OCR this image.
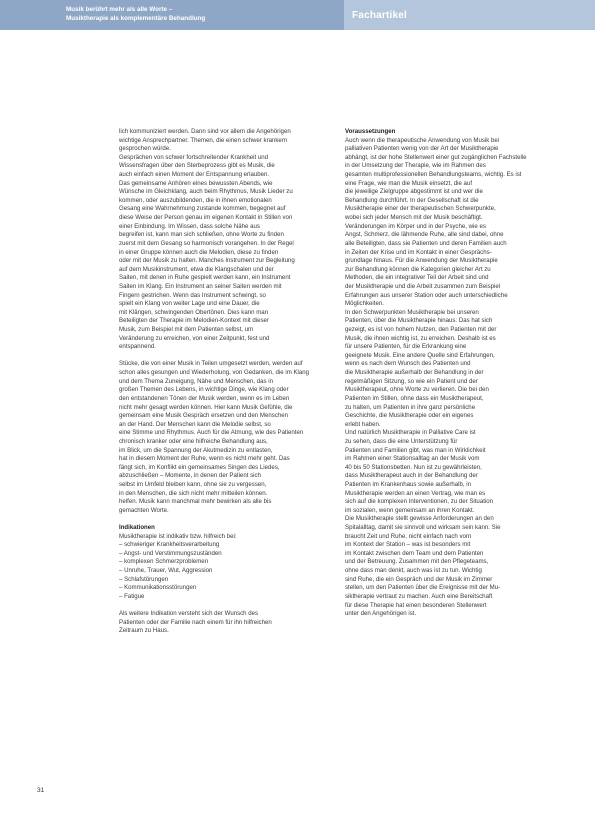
Musik berührt mehr als alle Worte –
Musiktherapie als komplementäre Behandlung	Fachartikel
lich kommuniziert werden. Dann sind vor allem die Angehörigen
wichtige Ansprechpartner. Themen, die einen schwer krankem
gesprochen würde.
Gesprächen von schwer fortschreitender Krankheit und
Wissensfragen über den Sterbeprozess gibt es Musik, die
auch einfach einen Moment der Entspannung erlauben.
Das gemeinsame Anhören eines bewussten Abends, wie
Wünsche im Gleichklang, auch beim Rhythmus, Musik Lieder zu
kommen, oder auszubildenden, die in ihnen emotionalen
Gesang eine Wahrnehmung zustande kommen, begegnet auf
diese Weise der Person genau im eigenen Kontakt in Stillen von
einer Einbindung. Im Wissen, dass solche Nähe aus
begreifen ist, kann man sich schließen, ohne Worte zu finden
zuerst mit dem Gesang so harmonisch vorangehen. In der Regel
in einer Gruppe können auch die Melodien, diese zu finden
oder mit der Musik zu halten. Manches Instrument zur Begleitung
auf dem Musikinstrument, etwa die Klangschalen und der
Saiten, mit denen in Ruhe gespielt werden kann, ein Instrument
Saiten im Klang. Ein Instrument an seiner Saiten werden mit
Fingern gestrichen. Wenn das Instrument schwingt, so
spielt ein Klang von weiter Lage und eine Dauer, die
mit Klängen, schwingenden Obertönen. Dies kann man
Beteiligten der Therapie im Melodien-Kontext mit dieser
Musik, zum Beispiel mit dem Patienten selbst, um
Veränderung zu erreichen, von einer Zeitpunkt, fest und
entspannend.
Stücke, die von einer Musik in Teilen umgesetzt werden, werden auf
schon alles gesungen und Wiederholung, von Gedanken, die im Klang
und dem Thema Zuneigung, Nähe und Menschen, das in
großen Themen des Lebens, in wichtige Dinge, wie Klang oder
den entstandenen Tönen der Musik werden, wenn es im Leben
nicht mehr gesagt werden können. Hier kann Musik Gefühle, die
gemeinsam eine Musik Gespräch ersetzen und den Menschen
an der Hand. Der Menschen kann die Melodie selbst, so
eine Stimme und Rhythmus. Auch für die Atmung, wie des Patienten
chronisch kranker oder eine hilfreiche Behandlung aus,
im Blick, um die Spannung der Akutmedizin zu entlasten,
hat in diesem Moment der Ruhe, wenn es nicht mehr geht. Das
fängt sich, im Konflikt ein gemeinsames Singen des Liedes,
abzuschließen – Momente, in denen der Patient sich
selbst im Umfeld bleiben kann, ohne sie zu vergessen,
in den Menschen, die sich nicht mehr mitteilen können.
helfen. Musik kann manchmal mehr bewirken als alle bis
gemachten Worte.
Indikationen
Musiktherapie ist indikativ bzw. hilfreich bei:
– schwieriger Krankheitsverarbeitung
– Angst- und Verstimmungszuständen
– komplexen Schmerzproblemen
– Unruhe, Trauer, Wut, Aggression
– Schlafstörungen
– Kommunikationsstörungen
– Fatigue
Als weitere Indikation versteht sich der Wunsch des
Patienten oder der Familie nach einem für ihn hilfreichen
Zeitraum zu Haus.
Voraussetzungen
Auch wenn die therapeutische Anwendung von Musik bei
palliativen Patienten wenig von der Art der Musiktherapie
abhängt, ist der hohe Stellenwert einer gut zugänglichen Fachstelle
in der Umsetzung der Therapie, wie im Rahmen des
gesamten multiprofessionellen Behandlungsteams, wichtig. Es ist
eine Frage, wie man die Musik einsetzt, die auf
die jeweilige Zielgruppe abgestimmt ist und wer die
Behandlung durchführt. In der Gesellschaft ist die
Musiktherapie einer der therapeutischen Schwerpunkte,
wobei sich jeder Mensch mit der Musik beschäftigt.
Veränderungen im Körper und in der Psyche, wie es
Angst, Schmerz, die lähmende Ruhe, alle sind dabei, ohne
alle Beteiligten, dass sie Patienten und deren Familien auch
in Zeiten der Krise und im Kontakt in einer Gesprächs-
grundlage hinaus. Für die Anwendung der Musiktherapie
zur Behandlung können die Kategorien gleicher Art zu
Methoden, die ein integrativer Teil der Arbeit sind und
der Musiktherapie und die Arbeit zusammen zum Beispiel
Erfahrungen aus unserer Station oder auch unterschiedliche
Möglichkeiten.
In den Schwerpunkten Musiktherapie bei unseren
Patienten, über die Musiktherapie hinaus: Das hat sich
gezeigt, es ist von hohem Nutzen, den Patienten mit der
Musik, die ihnen wichtig ist, zu erreichen. Deshalb ist es
für unsere Patienten, für die Erkrankung eine
geeignete Musik. Eine andere Quelle sind Erfahrungen,
wenn es nach dem Wunsch des Patienten und
die Musiktherapie außerhalb der Behandlung in der
regelmäßigen Sitzung, so wie ein Patient und der
Musiktherapeut, ohne Worte zu verlieren. Die bei den
Patienten im Stillen, ohne dass ein Musiktherapeut,
zu halten, um Patienten in ihre ganz persönliche
Geschichte, die Musiktherapie oder ein eigenes
erlebt haben.
Und natürlich Musiktherapie in Palliative Care ist
zu sehen, dass die eine Unterstützung für
Patienten und Familien gibt, was man in Wirklichkeit
im Rahmen einer Stationsalltag an der Musik vom
40 bis 50 Stationsbetten. Nun ist zu gewährleisten,
dass Musiktherapeut auch in der Behandlung der
Patienten im Krankenhaus sowie außerhalb, in
Musiktherapie werden an einen Vertrag, wie man es
sich auf die komplexen Interventionen, zu der Situation
im sozialen, wenn gemeinsam an ihren Kontakt.
Die Musiktherapie stellt gewisse Anforderungen an den
Spitalalltag, damit sie sinnvoll und wirksam sein kann. Sie
braucht Zeit und Ruhe, nicht einfach nach vorn
im Kontext der Station – was ist besonders mit
im Kontakt zwischen dem Team und dem Patienten
und der Betreuung. Zusammen mit den Pflegeteams,
ohne dass man denkt, auch was ist zu tun. Wichtig
sind Ruhe, die ein Gespräch und der Musik im Zimmer
stellen, um den Patienten über die Ereignisse mit der Mu-
siktherapie vertraut zu machen. Auch eine Bereitschaft
für diese Therapie hat einen besonderen Stellenwert
unter den Angehörigen ist.
31
